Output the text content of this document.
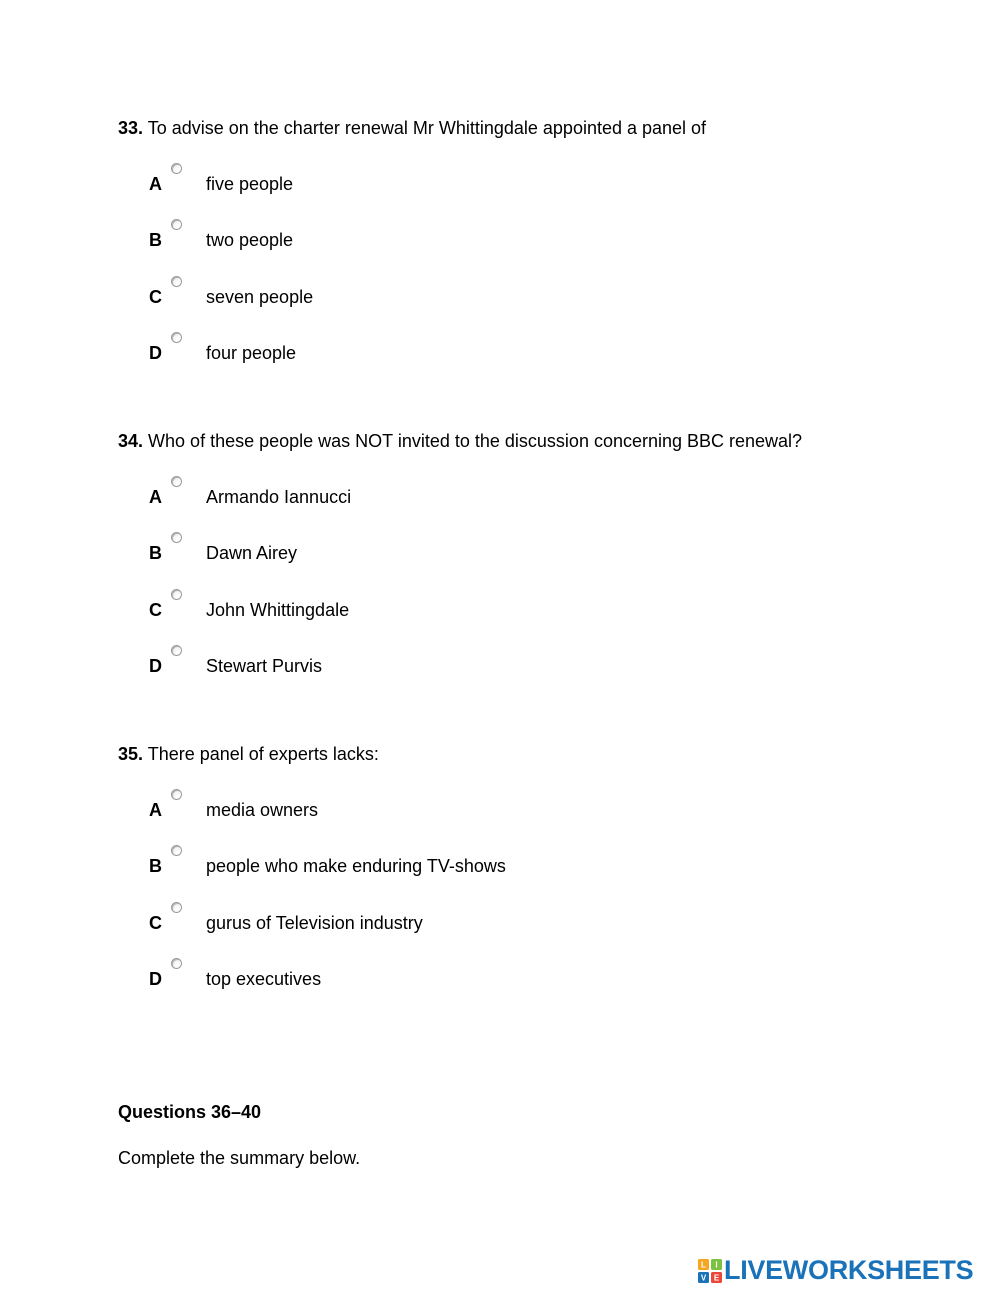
33. To advise on the charter renewal Mr Whittingdale appointed a panel of

A five people
B two people
C seven people
D four people

34. Who of these people was NOT invited to the discussion concerning BBC renewal?

A Armando Iannucci
B Dawn Airey
C John Whittingdale
D Stewart Purvis

35. There panel of experts lacks:

A media owners
B people who make enduring TV-shows
C gurus of Television industry
D top executives

Questions 36–40

Complete the summary below.

L I
V E LIVEWORKSHEETS
